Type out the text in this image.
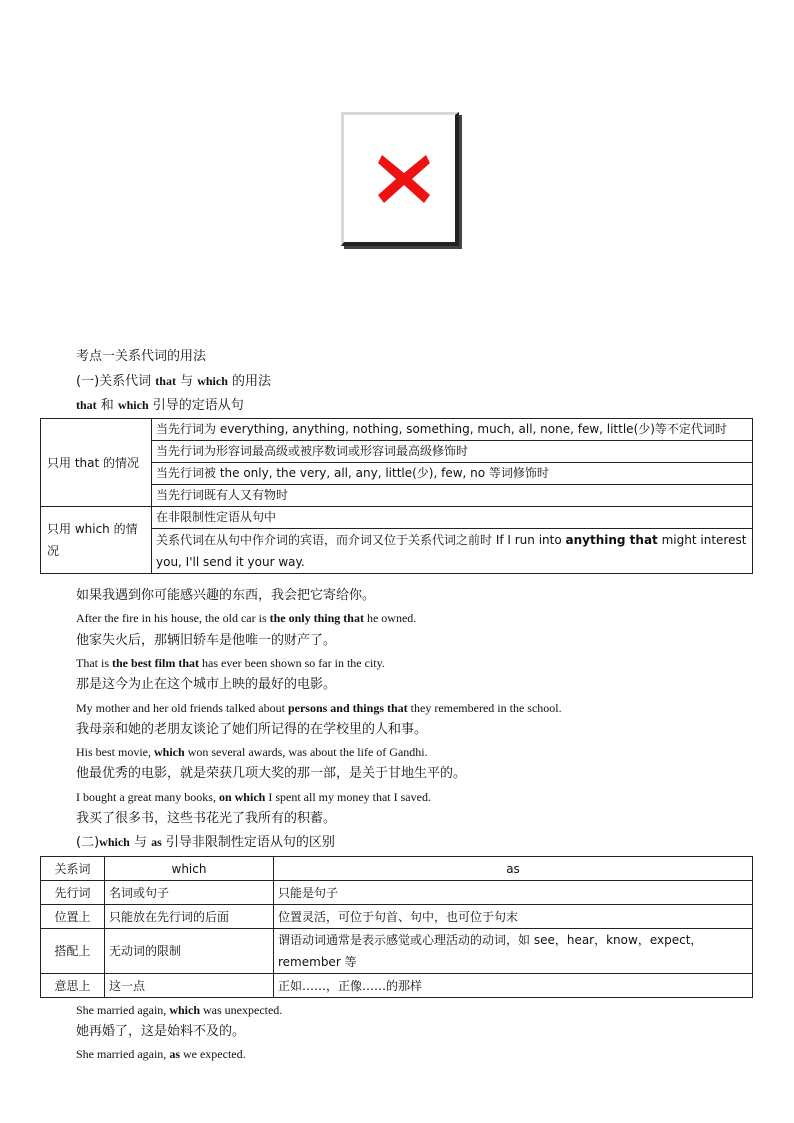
考点一关系代词的用法
(一)关系代词 that 与 which 的用法
that 和 which 引导的定语从句
只用 that 的情况	当先行词为 everything, anything, nothing, something, much, all, none, few, little(少)等不定代词时
	当先行词为形容词最高级或被序数词或形容词最高级修饰时
	当先行词被 the only, the very, all, any, little(少), few, no 等词修饰时
	当先行词既有人又有物时
只用 which 的情况	在非限制性定语从句中
	关系代词在从句中作介词的宾语，而介词又位于关系代词之前时 If I run into anything that might interest you, I'll send it your way.
如果我遇到你可能感兴趣的东西，我会把它寄给你。
After the fire in his house, the old car is the only thing that he owned.
他家失火后，那辆旧轿车是他唯一的财产了。
That is the best film that has ever been shown so far in the city.
那是这今为止在这个城市上映的最好的电影。
My mother and her old friends talked about persons and things that they remembered in the school.
我母亲和她的老朋友谈论了她们所记得的在学校里的人和事。
His best movie, which won several awards, was about the life of Gandhi.
他最优秀的电影，就是荣获几项大奖的那一部，是关于甘地生平的。
I bought a great many books, on which I spent all my money that I saved.
我买了很多书，这些书花光了我所有的积蓄。
(二)which 与 as 引导非限制性定语从句的区别
关系词	which	as
先行词	名词或句子	只能是句子
位置上	只能放在先行词的后面	位置灵活，可位于句首、句中，也可位于句末
搭配上	无动词的限制	谓语动词通常是表示感觉或心理活动的动词，如 see，hear，know，expect，remember 等
意思上	这一点	正如……，正像……的那样
She married again, which was unexpected.
她再婚了，这是始料不及的。
She married again, as we expected.
